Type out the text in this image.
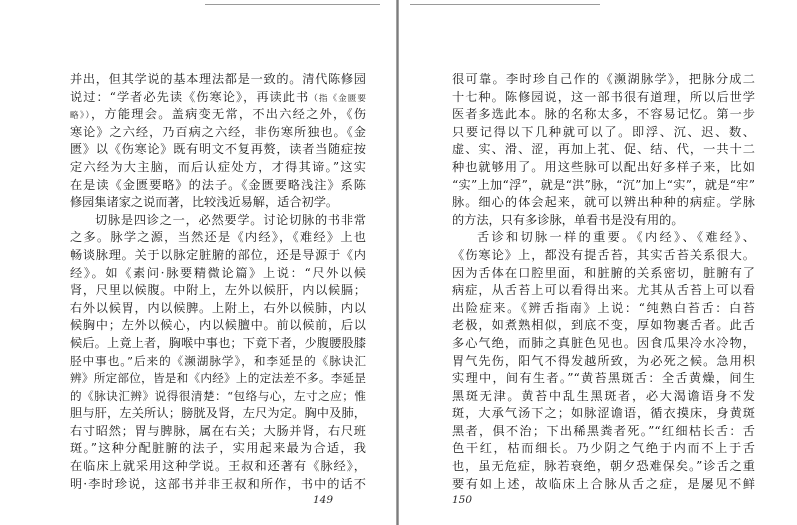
并出，但其学说的基本理法都是一致的。清代陈修园
说过：“学者必先读《伤寒论》，再读此书（指《金匮要
略》），方能理会。盖病变无常，不出六经之外，《伤
寒论》之六经，乃百病之六经，非伤寒所独也。《金
匮》以《伤寒论》既有明文不复再赘，读者当随症按
定六经为大主脑，而后认症处方，才得其谛。”这实
在是读《金匮要略》的法子。《金匮要略浅注》系陈
修园集诸家之说而著，比较浅近易解，适合初学。
切脉是四诊之一，必然要学。讨论切脉的书非常
之多。脉学之源，当然还是《内经》，《难经》上也
畅谈脉理。关于以脉定脏腑的部位，还是导源于《内
经》。如《素问·脉要精微论篇》上说：“尺外以候
肾，尺里以候腹。中附上，左外以候肝，内以候膈；
右外以候胃，内以候脾。上附上，右外以候肺，内以
候胸中；左外以候心，内以候膻中。前以候前，后以
候后。上竟上者，胸喉中事也；下竟下者，少腹腰股膝
胫中事也。”后来的《濒湖脉学》，和李延昰的《脉诀汇
辨》所定部位，皆是和《内经》上的定法差不多。李延昰
的《脉诀汇辨》说得很清楚：“包络与心，左寸之应；惟
胆与肝，左关所认；膀胱及肾，左尺为定。胸中及肺，
右寸昭然；胃与脾脉，属在右关；大肠并肾，右尺班
斑。”这种分配脏腑的法子，实用起来最为合适，我
在临床上就采用这种学说。王叔和还著有《脉经》，
明·李时珍说，这部书并非王叔和所作，书中的话不
149
很可靠。李时珍自己作的《濒湖脉学》，把脉分成二
十七种。陈修园说，这一部书很有道理，所以后世学
医者多选此本。脉的名称太多，不容易记忆。第一步
只要记得以下几种就可以了。即浮、沉、迟、数、
虚、实、滑、涩，再加上芤、促、结、代，一共十二
种也就够用了。用这些脉可以配出好多样子来，比如
“实”上加“浮”，就是“洪”脉，“沉”加上“实”，就是“牢”
脉。细心的体会起来，就可以辨出种种的病症。学脉
的方法，只有多诊脉，单看书是没有用的。
舌诊和切脉一样的重要。《内经》、《难经》、
《伤寒论》上，都没有提舌苔，其实舌苔关系很大。
因为舌体在口腔里面，和脏腑的关系密切，脏腑有了
病症，从舌苔上可以看得出来。尤其从舌苔上可以看
出险症来。《辨舌指南》上说：“纯熟白苔舌：白苔
老极，如煮熟相似，到底不变，厚如物裹舌者。此舌
多心气绝，而肺之真脏色见也。因食瓜果冷水冷物，
胃气先伤，阳气不得发越所致，为必死之候。急用枳
实理中，间有生者。”“黄苔黑斑舌：全舌黄燥，间生
黑斑无津。黄苔中乱生黑斑者，必大渴谵语身不发
斑，大承气汤下之；如脉涩谵语，循衣摸床，身黄斑
黑者，俱不治；下出稀黑粪者死。”“红细枯长舌：舌
色干红，枯而细长。乃少阴之气绝于内而不上于舌
也，虽无危症，脉若衰绝，朝夕恐难保矣。”诊舌之重
要有如上述，故临床上合脉从舌之症，是屡见不鲜
150
